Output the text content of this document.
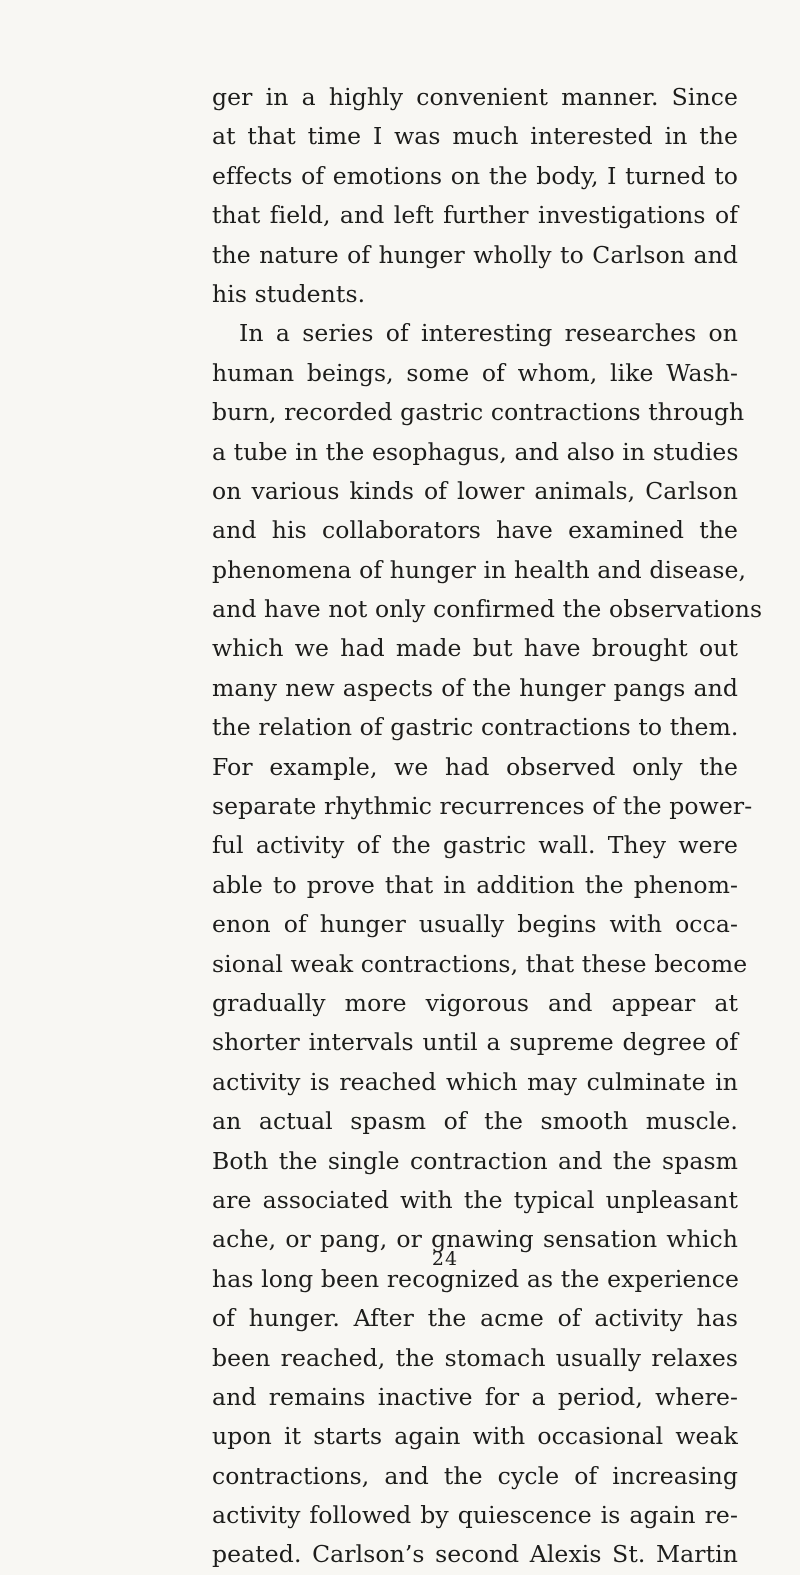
ger in a highly convenient manner. Since
at that time I was much interested in the
effects of emotions on the body, I turned to
that field, and left further investigations of
the nature of hunger wholly to Carlson and
his students.
In a series of interesting researches on
human beings, some of whom, like Wash-
burn, recorded gastric contractions through
a tube in the esophagus, and also in studies
on various kinds of lower animals, Carlson
and his collaborators have examined the
phenomena of hunger in health and disease,
and have not only confirmed the observations
which we had made but have brought out
many new aspects of the hunger pangs and
the relation of gastric contractions to them.
For example, we had observed only the
separate rhythmic recurrences of the power-
ful activity of the gastric wall. They were
able to prove that in addition the phenom-
enon of hunger usually begins with occa-
sional weak contractions, that these become
gradually more vigorous and appear at
shorter intervals until a supreme degree of
activity is reached which may culminate in
an actual spasm of the smooth muscle.
Both the single contraction and the spasm
are associated with the typical unpleasant
ache, or pang, or gnawing sensation which
has long been recognized as the experience
of hunger. After the acme of activity has
been reached, the stomach usually relaxes
and remains inactive for a period, where-
upon it starts again with occasional weak
contractions, and the cycle of increasing
activity followed by quiescence is again re-
peated. Carlson’s second Alexis St. Martin
24
